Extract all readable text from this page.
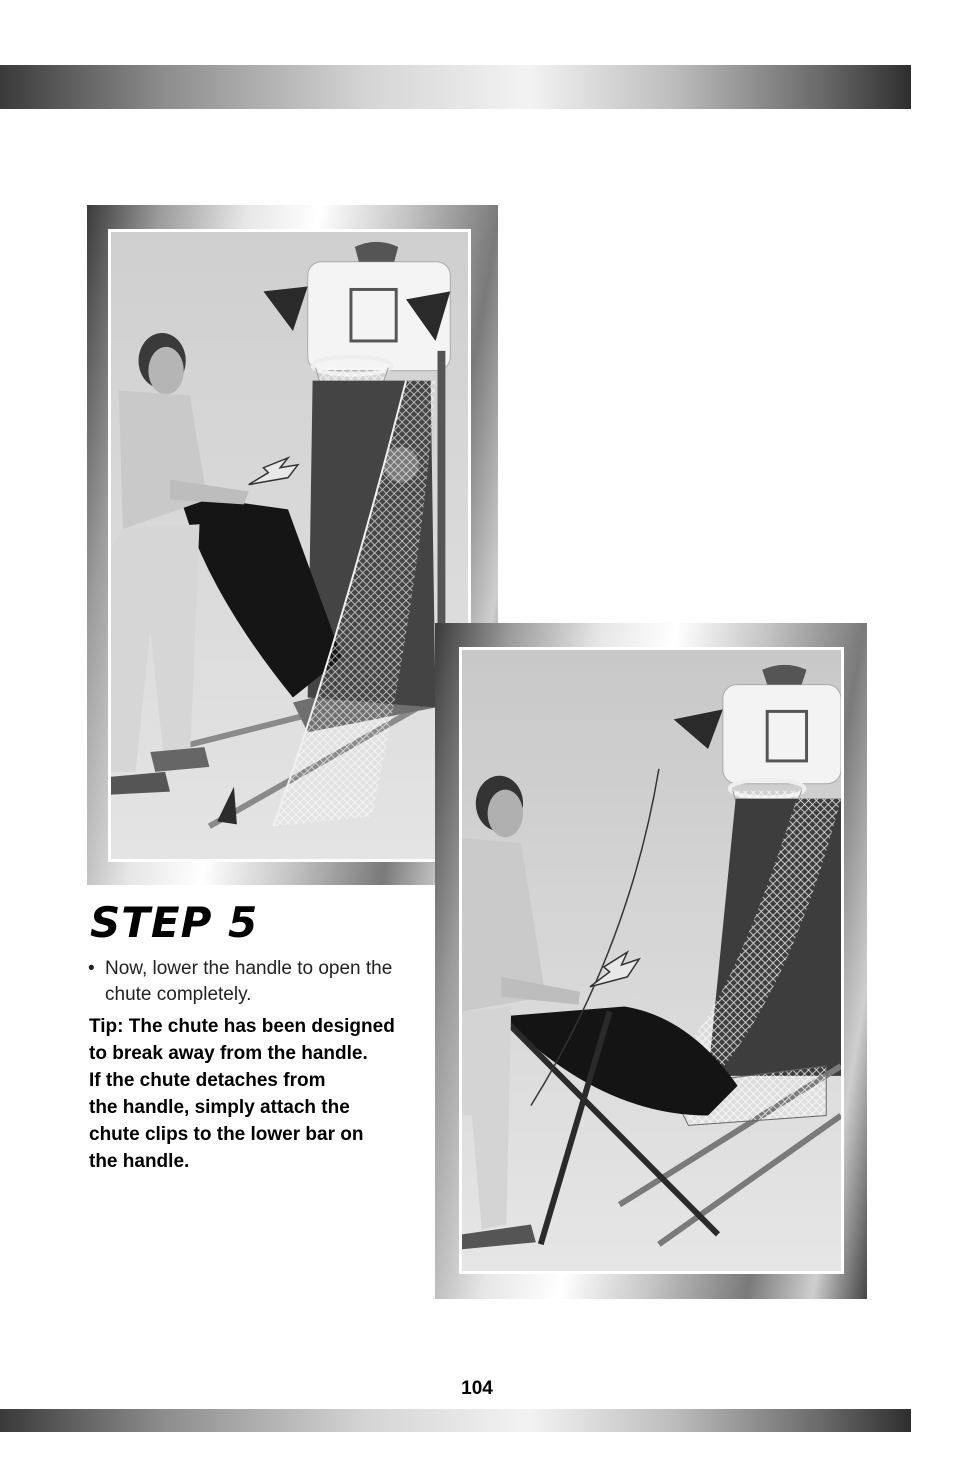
STEP 5

• Now, lower the handle to open the chute completely.

Tip: The chute has been designed
to break away from the handle.
If the chute detaches from
the handle, simply attach the
chute clips to the lower bar on
the handle.
104
